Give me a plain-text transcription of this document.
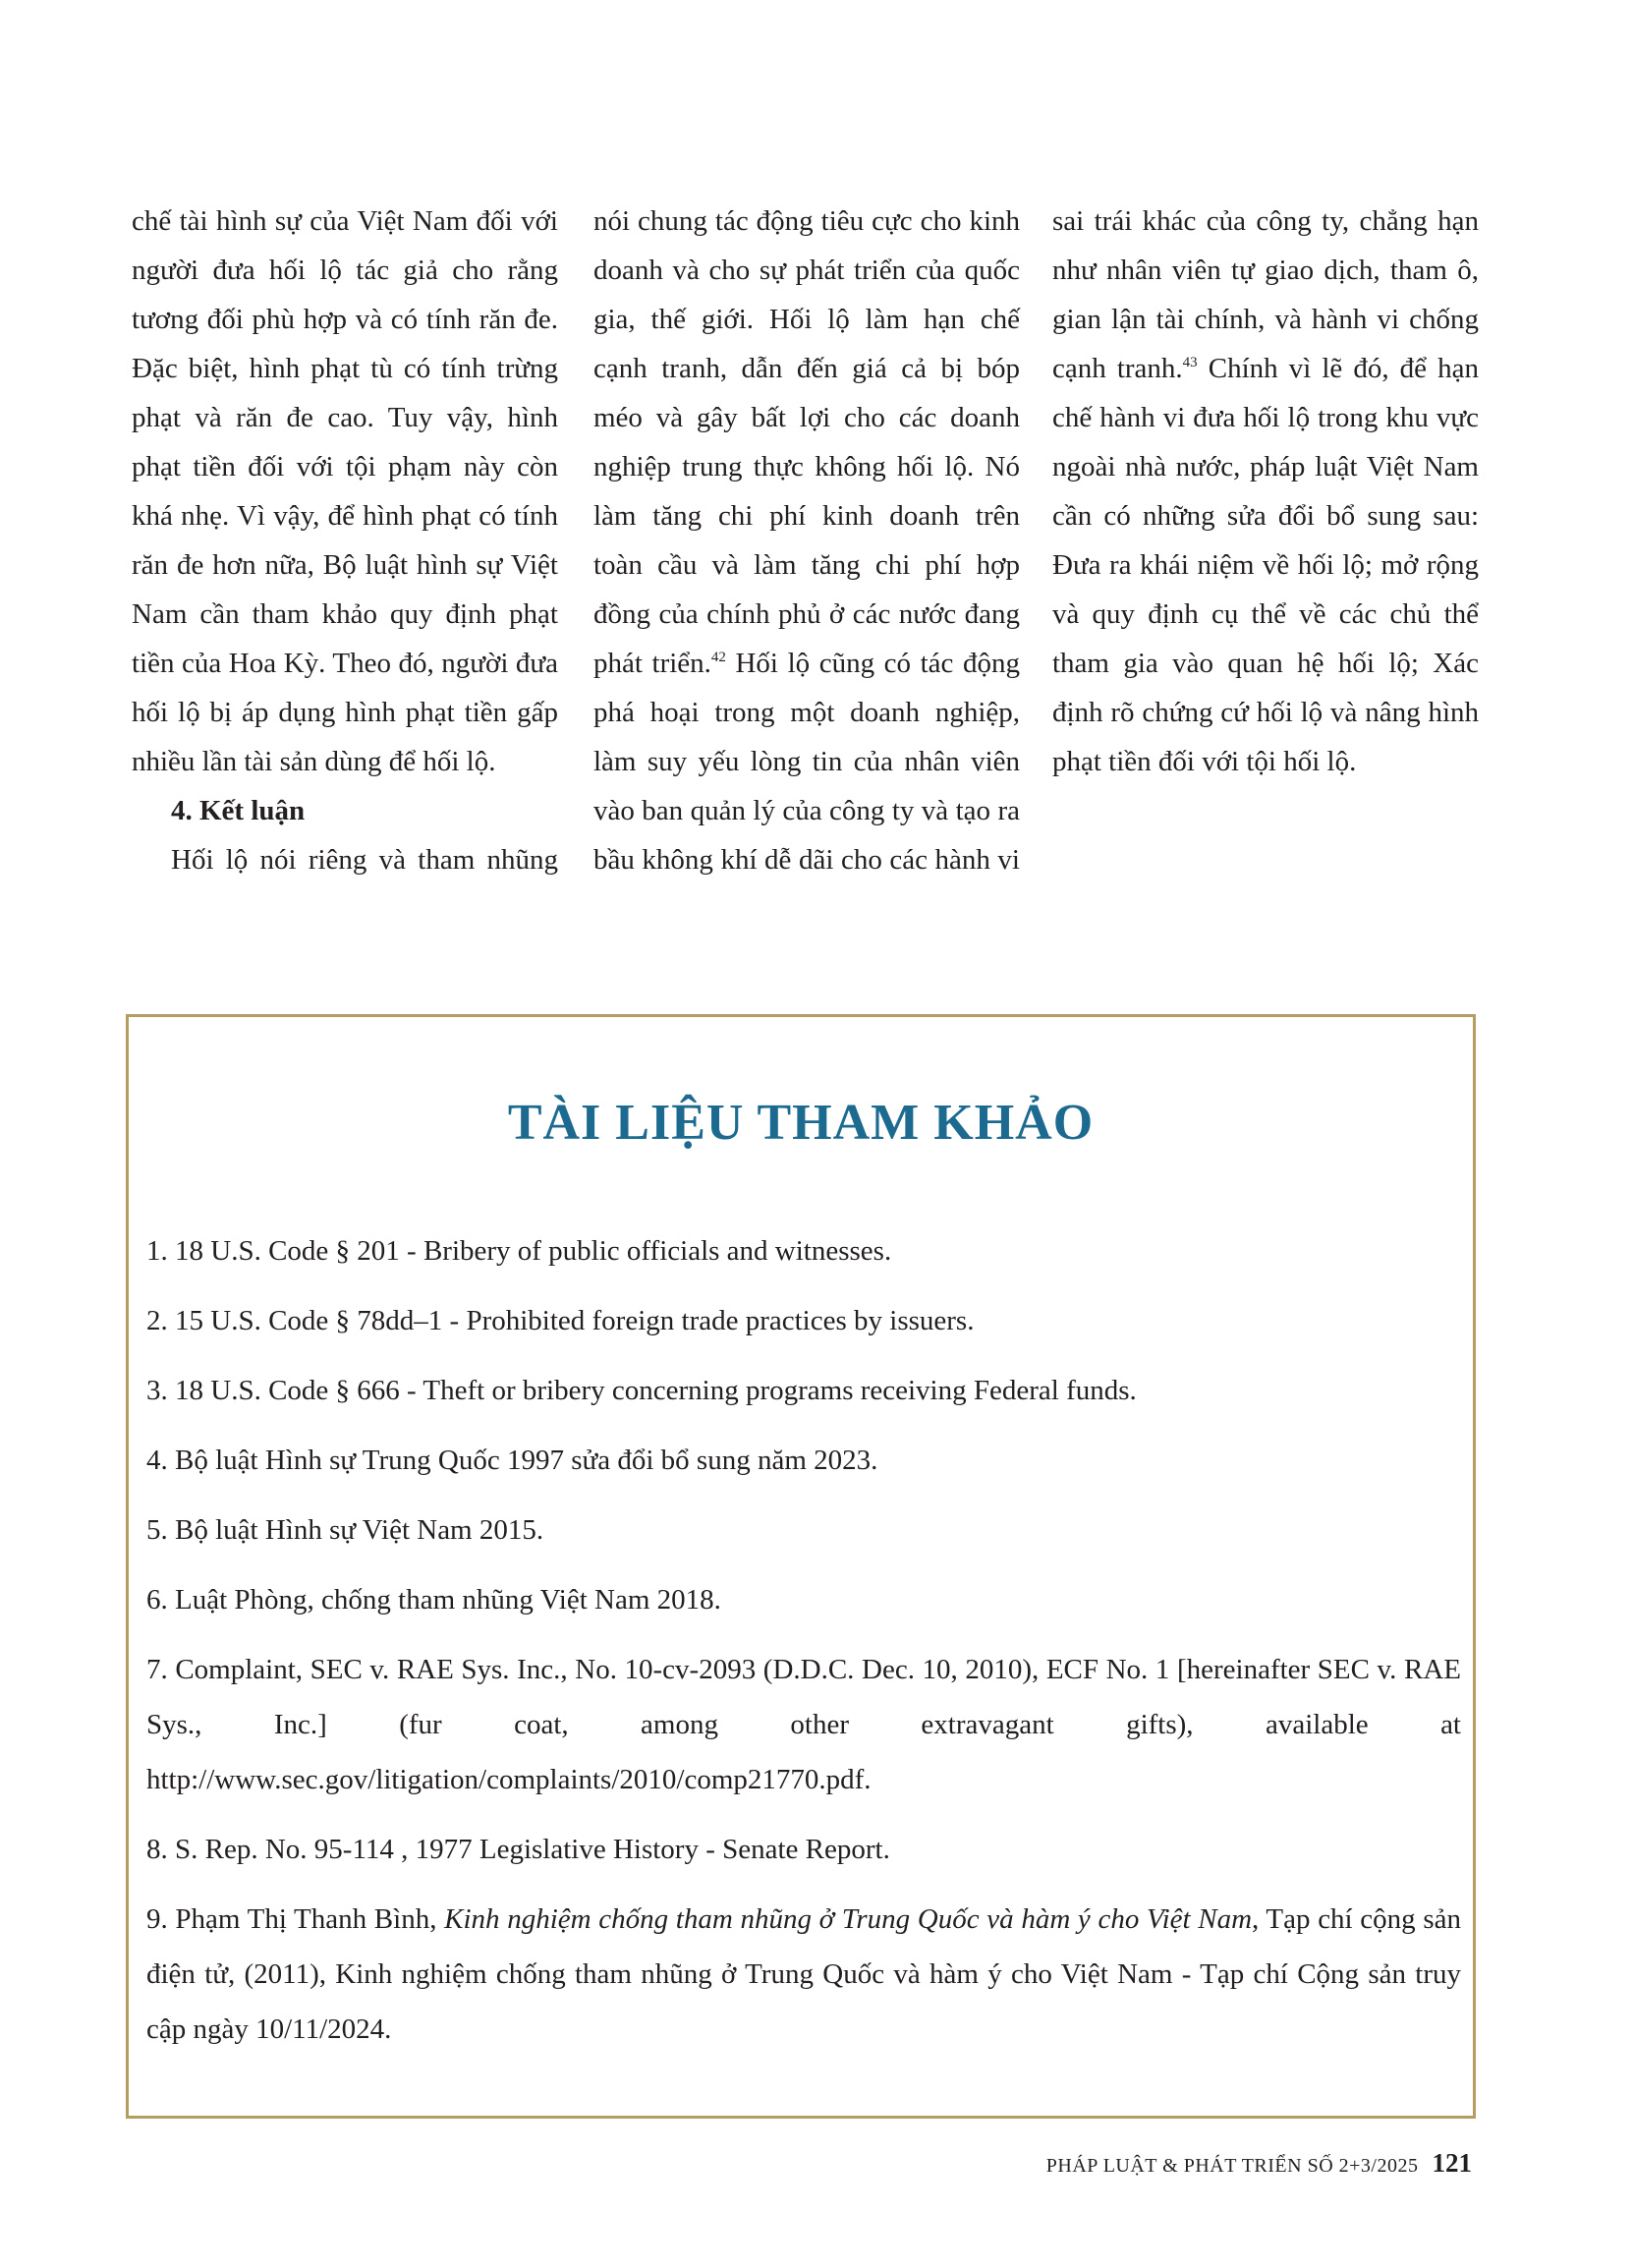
chế tài hình sự của Việt Nam đối với người đưa hối lộ tác giả cho rằng tương đối phù hợp và có tính răn đe. Đặc biệt, hình phạt tù có tính trừng phạt và răn đe cao. Tuy vậy, hình phạt tiền đối với tội phạm này còn khá nhẹ. Vì vậy, để hình phạt có tính răn đe hơn nữa, Bộ luật hình sự Việt Nam cần tham khảo quy định phạt tiền của Hoa Kỳ. Theo đó, người đưa hối lộ bị áp dụng hình phạt tiền gấp nhiều lần tài sản dùng để hối lộ.

4. Kết luận

Hối lộ nói riêng và tham nhũng

nói chung tác động tiêu cực cho kinh doanh và cho sự phát triển của quốc gia, thế giới. Hối lộ làm hạn chế cạnh tranh, dẫn đến giá cả bị bóp méo và gây bất lợi cho các doanh nghiệp trung thực không hối lộ. Nó làm tăng chi phí kinh doanh trên toàn cầu và làm tăng chi phí hợp đồng của chính phủ ở các nước đang phát triển.$^{42}$ Hối lộ cũng có tác động phá hoại trong một doanh nghiệp, làm suy yếu lòng tin của nhân viên vào ban quản lý của công ty và tạo ra bầu không khí dễ dãi cho các hành vi

sai trái khác của công ty, chẳng hạn như nhân viên tự giao dịch, tham ô, gian lận tài chính, và hành vi chống cạnh tranh.$^{43}$ Chính vì lẽ đó, để hạn chế hành vi đưa hối lộ trong khu vực ngoài nhà nước, pháp luật Việt Nam cần có những sửa đổi bổ sung sau: Đưa ra khái niệm về hối lộ; mở rộng và quy định cụ thể về các chủ thể tham gia vào quan hệ hối lộ; Xác định rõ chứng cứ hối lộ và nâng hình phạt tiền đối với tội hối lộ.

TÀI LIỆU THAM KHẢO

1. 18 U.S. Code § 201 - Bribery of public officials and witnesses.

2. 15 U.S. Code § 78dd–1 - Prohibited foreign trade practices by issuers.

3. 18 U.S. Code § 666 - Theft or bribery concerning programs receiving Federal funds.

4. Bộ luật Hình sự Trung Quốc 1997 sửa đổi bổ sung năm 2023.

5. Bộ luật Hình sự Việt Nam 2015.

6. Luật Phòng, chống tham nhũng Việt Nam 2018.

7. Complaint, SEC v. RAE Sys. Inc., No. 10-cv-2093 (D.D.C. Dec. 10, 2010), ECF No. 1 [hereinafter SEC v. RAE Sys., Inc.] (fur coat, among other extravagant gifts), available at http://www.sec.gov/litigation/complaints/2010/comp21770.pdf.

8. S. Rep. No. 95-114 , 1977 Legislative History - Senate Report.

9. Phạm Thị Thanh Bình, Kinh nghiệm chống tham nhũng ở Trung Quốc và hàm ý cho Việt Nam, Tạp chí cộng sản điện tử, (2011), Kinh nghiệm chống tham nhũng ở Trung Quốc và hàm ý cho Việt Nam - Tạp chí Cộng sản truy cập ngày 10/11/2024.

PHÁP LUẬT & PHÁT TRIỂN SỐ 2+3/2025 121
